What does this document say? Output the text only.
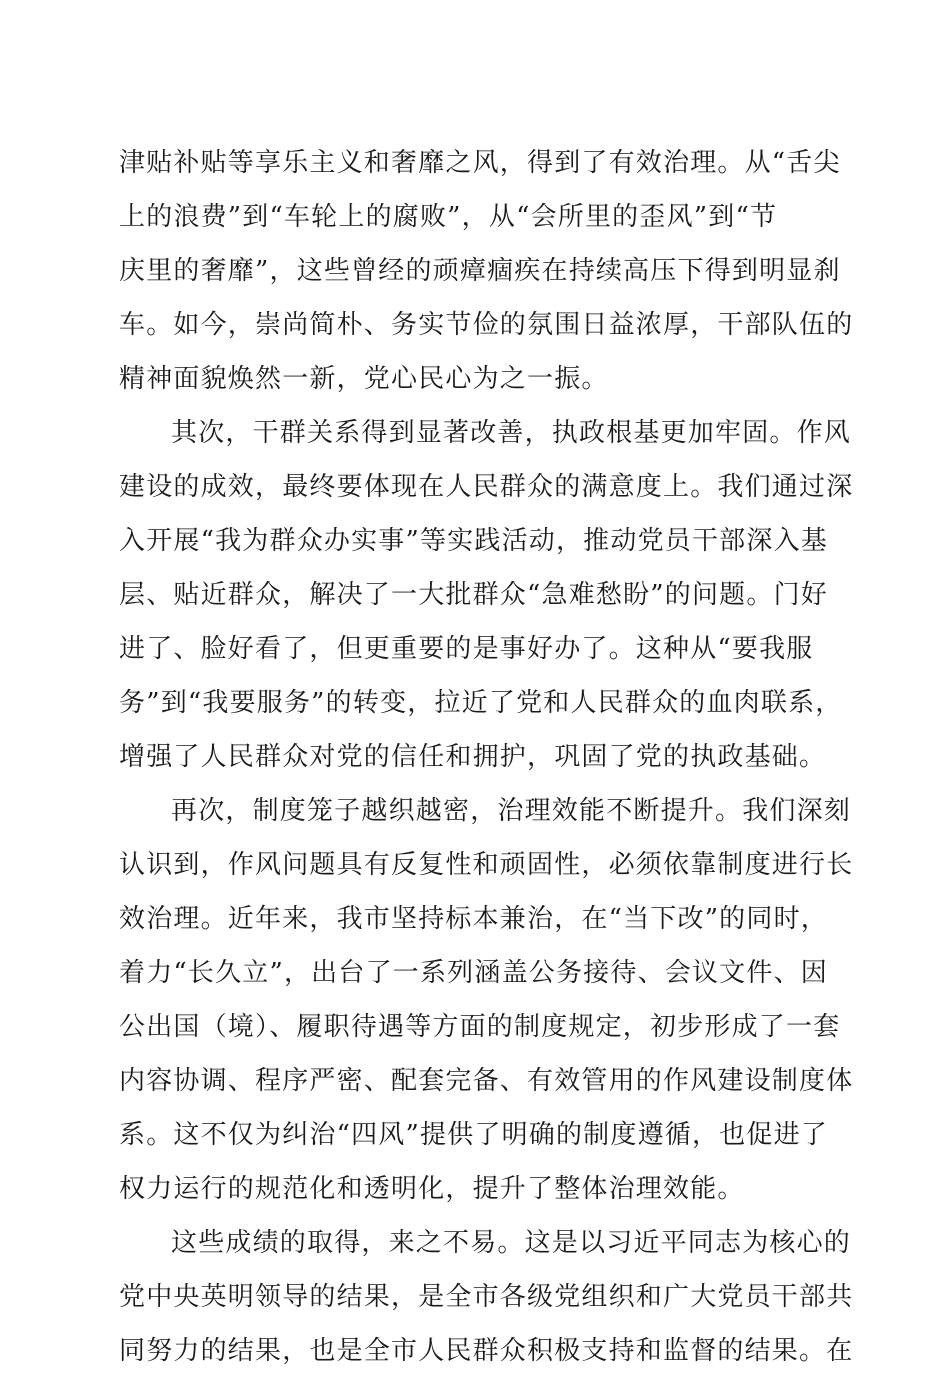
津贴补贴等享乐主义和奢靡之风，得到了有效治理。从“舌尖
上的浪费”到“车轮上的腐败”，从“会所里的歪风”到“节
庆里的奢靡”，这些曾经的顽瘴痼疾在持续高压下得到明显刹
车。如今，崇尚简朴、务实节俭的氛围日益浓厚，干部队伍的
精神面貌焕然一新，党心民心为之一振。
其次，干群关系得到显著改善，执政根基更加牢固。作风
建设的成效，最终要体现在人民群众的满意度上。我们通过深
入开展“我为群众办实事”等实践活动，推动党员干部深入基
层、贴近群众，解决了一大批群众“急难愁盼”的问题。门好
进了、脸好看了，但更重要的是事好办了。这种从“要我服
务”到“我要服务”的转变，拉近了党和人民群众的血肉联系，
增强了人民群众对党的信任和拥护，巩固了党的执政基础。
再次，制度笼子越织越密，治理效能不断提升。我们深刻
认识到，作风问题具有反复性和顽固性，必须依靠制度进行长
效治理。近年来，我市坚持标本兼治，在“当下改”的同时，
着力“长久立”，出台了一系列涵盖公务接待、会议文件、因
公出国（境）、履职待遇等方面的制度规定，初步形成了一套
内容协调、程序严密、配套完备、有效管用的作风建设制度体
系。这不仅为纠治“四风”提供了明确的制度遵循，也促进了
权力运行的规范化和透明化，提升了整体治理效能。
这些成绩的取得，来之不易。这是以习近平同志为核心的
党中央英明领导的结果，是全市各级党组织和广大党员干部共
同努力的结果，也是全市人民群众积极支持和监督的结果。在
